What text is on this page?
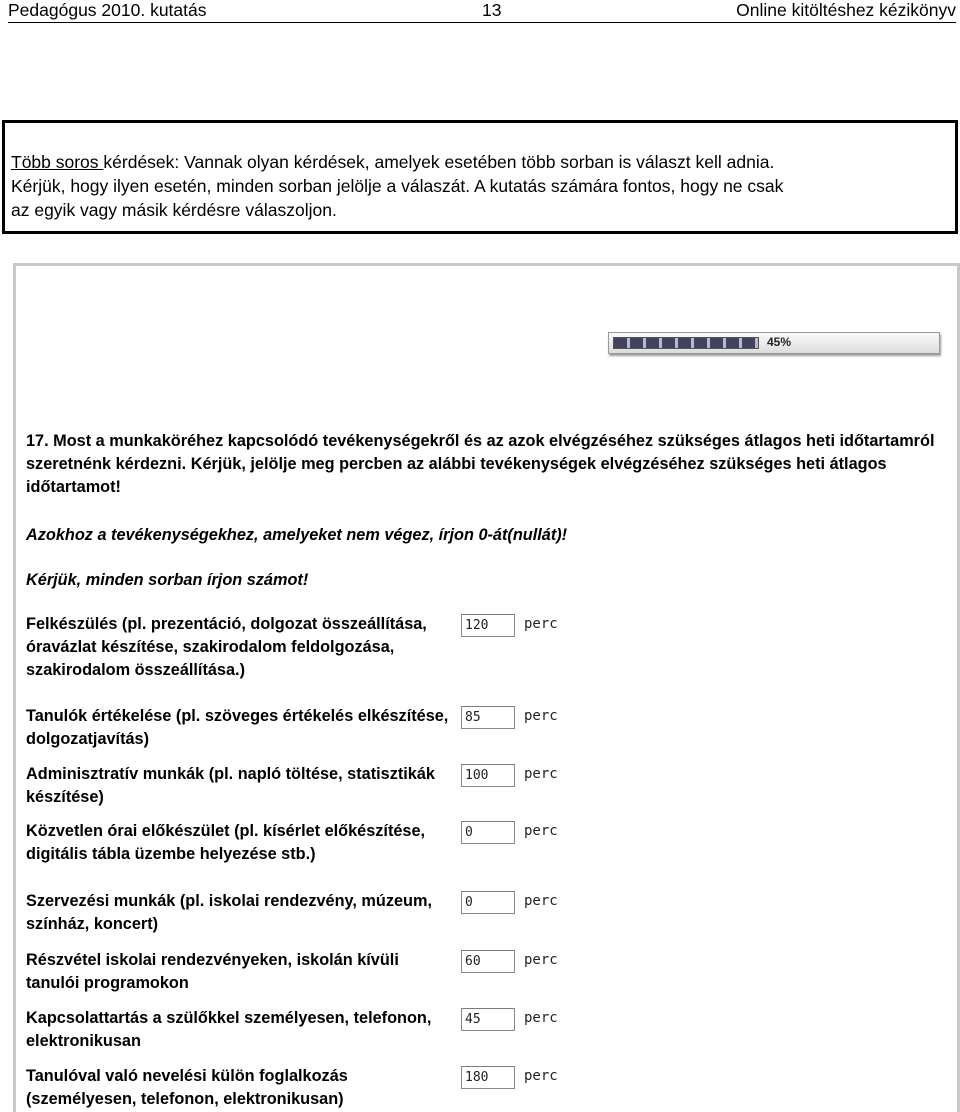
Pedagógus 2010. kutatás	13	Online kitöltéshez kézikönyv

Több soros kérdések: Vannak olyan kérdések, amelyek esetében több sorban is választ kell adnia.
Kérjük, hogy ilyen esetén, minden sorban jelölje a válaszát. A kutatás számára fontos, hogy ne csak
az egyik vagy másik kérdésre válaszoljon.

45%
17. Most a munkaköréhez kapcsolódó tevékenységekről és az azok elvégzéséhez szükséges átlagos heti időtartamról szeretnénk kérdezni. Kérjük, jelölje meg percben az alábbi tevékenységek elvégzéséhez szükséges heti átlagos időtartamot!
Azokhoz a tevékenységekhez, amelyeket nem végez, írjon 0-át(nullát)!
Kérjük, minden sorban írjon számot!
Felkészülés (pl. prezentáció, dolgozat összeállítása, óravázlat készítése, szakirodalom feldolgozása, szakirodalom összeállítása.)
120
perc
Tanulók értékelése (pl. szöveges értékelés elkészítése, dolgozatjavítás)
85
perc
Adminisztratív munkák (pl. napló töltése, statisztikák készítése)
100
perc
Közvetlen órai előkészület (pl. kísérlet előkészítése, digitális tábla üzembe helyezése stb.)
0
perc
Szervezési munkák (pl. iskolai rendezvény, múzeum, színház, koncert)
0
perc
Részvétel iskolai rendezvényeken, iskolán kívüli tanulói programokon
60
perc
Kapcsolattartás a szülőkkel személyesen, telefonon, elektronikusan
45
perc
Tanulóval való nevelési külön foglalkozás (személyesen, telefonon, elektronikusan)
180
perc
